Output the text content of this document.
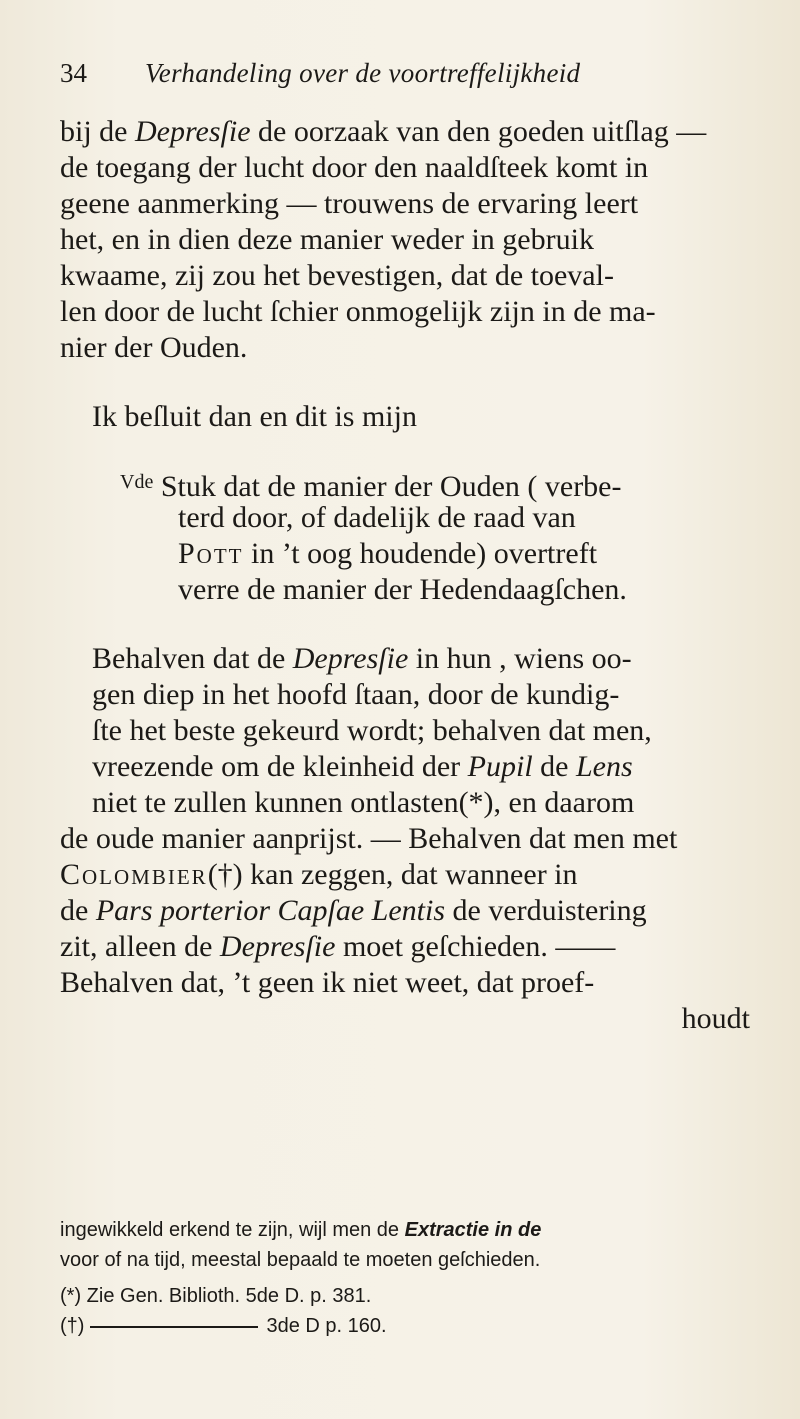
34 Verhandeling over de voortreffelijkheid
bij de Depresſie de oorzaak van den goeden uitſlag —
de toegang der lucht door den naaldſteek komt in
geene aanmerking — trouwens de ervaring leert
het, en in dien deze manier weder in gebruik
kwaame, zij zou het bevestigen, dat de toeval-
len door de lucht ſchier onmogelijk zijn in de ma-
nier der Ouden.
Ik beſluit dan en dit is mijn
$^{Vde}$ Stuk dat de manier der Ouden ( verbe-
terd door, of dadelijk de raad van
Pott in ’t oog houdende) overtreft
verre de manier der Hedendaagſchen.
Behalven dat de Depresſie in hun , wiens oo-
gen diep in het hoofd ſtaan, door de kundig-
ſte het beste gekeurd wordt; behalven dat men,
vreezende om de kleinheid der Pupil de Lens
niet te zullen kunnen ontlasten(*), en daarom
de oude manier aanprijst. — Behalven dat men met
Colombier(†) kan zeggen, dat wanneer in
de Pars porterior Capſae Lentis de verduistering
zit, alleen de Depresſie moet geſchieden. ——
Behalven dat, ’t geen ik niet weet, dat proef-
houdt
ingewikkeld erkend te zijn, wijl men de Extractie in de
voor of na tijd, meestal bepaald te moeten geſchieden.
(*) Zie Gen. Biblioth. 5de D. p. 381.
(†)	3de D p. 160.
